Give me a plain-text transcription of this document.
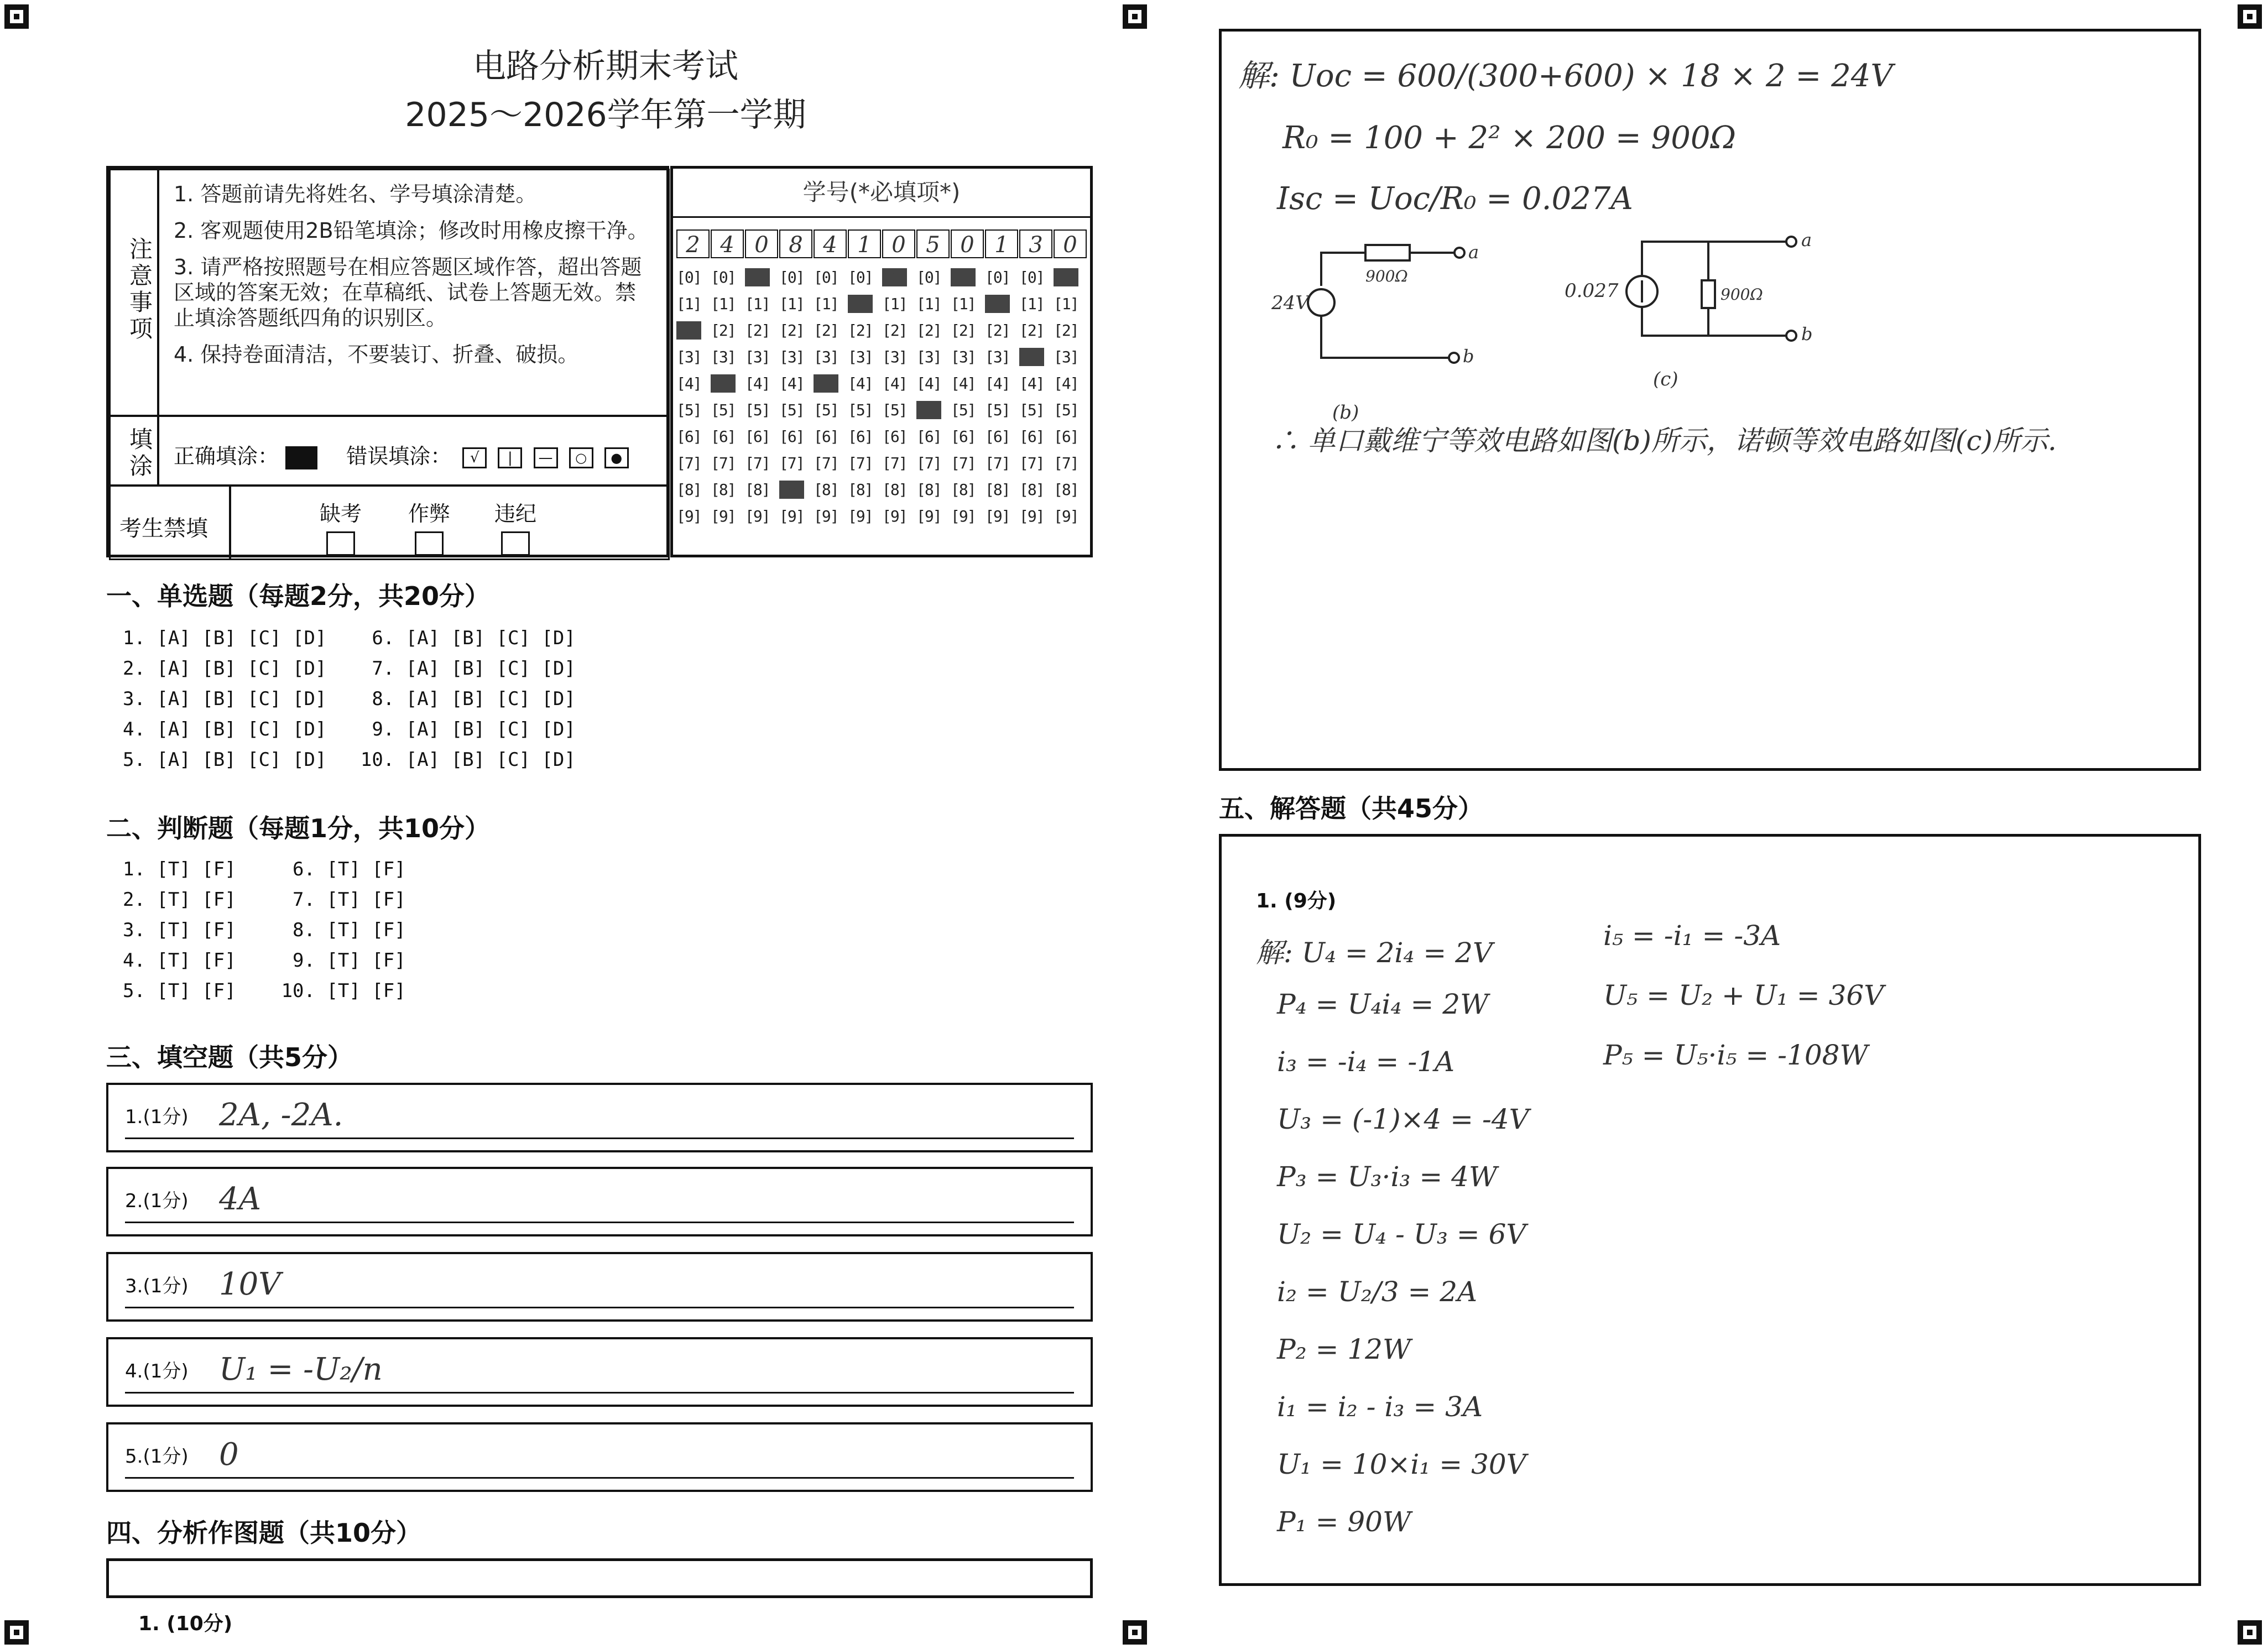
电路分析期末考试
2025～2026学年第一学期
注意事项
1. 答题前请先将姓名、学号填涂清楚。
2. 客观题使用2B铅笔填涂；修改时用橡皮擦干净。
3. 请严格按照题号在相应答题区域作答，超出答题区域的答案无效；在草稿纸、试卷上答题无效。禁止填涂答题纸四角的识别区。
4. 保持卷面清洁，不要装订、折叠、破损。
填涂 正确填涂：	错误填涂： √ | — ○ ●
考生禁填
缺考 作弊 违纪
学号(*必填项*)
2 4 0 8 4 1 0 5 0 1 3 0
[0]
[1]
[2]
[3]
[4]
[5]
[6]
[7]
[8]
[9]
[0]
[1]
[2]
[3]
[4]
[5]
[6]
[7]
[8]
[9]
[0]
[1]
[2]
[3]
[4]
[5]
[6]
[7]
[8]
[9]
[0]
[1]
[2]
[3]
[4]
[5]
[6]
[7]
[8]
[9]
[0]
[1]
[2]
[3]
[4]
[5]
[6]
[7]
[8]
[9]
[0]
[1]
[2]
[3]
[4]
[5]
[6]
[7]
[8]
[9]
[0]
[1]
[2]
[3]
[4]
[5]
[6]
[7]
[8]
[9]
[0]
[1]
[2]
[3]
[4]
[5]
[6]
[7]
[8]
[9]
[0]
[1]
[2]
[3]
[4]
[5]
[6]
[7]
[8]
[9]
[0]
[1]
[2]
[3]
[4]
[5]
[6]
[7]
[8]
[9]
[0]
[1]
[2]
[3]
[4]
[5]
[6]
[7]
[8]
[9]
[0]
[1]
[2]
[3]
[4]
[5]
[6]
[7]
[8]
[9]
一、单选题（每题2分，共20分）
1. [A] [B] [C] [D]    6. [A] [B] [C] [D]
2. [A] [B] [C] [D]    7. [A] [B] [C] [D]
3. [A] [B] [C] [D]    8. [A] [B] [C] [D]
4. [A] [B] [C] [D]    9. [A] [B] [C] [D]
5. [A] [B] [C] [D]   10. [A] [B] [C] [D]
二、判断题（每题1分，共10分）
1. [T] [F]     6. [T] [F]
2. [T] [F]     7. [T] [F]
3. [T] [F]     8. [T] [F]
4. [T] [F]     9. [T] [F]
5. [T] [F]    10. [T] [F]
三、填空题（共5分）
1.(1分) 2A, -2A.
2.(1分) 4A
3.(1分) 10V
4.(1分) U₁ = -U₂/n
5.(1分) 0
四、分析作图题（共10分）
1. (10分)
解: Uoc = 600/(300+600) × 18 × 2 = 24V
R₀ = 100 + 2² × 200 = 900Ω
Isc = Uoc/R₀ = 0.027A
24V
900Ω
a
b
(b)
0.027	900Ω
a
b
(c)
∴ 单口戴维宁等效电路如图(b)所示，诺顿等效电路如图(c)所示.
五、解答题（共45分）
1. (9分)
解: U₄ = 2i₄ = 2V
P₄ = U₄i₄ = 2W
i₃ = -i₄ = -1A
U₃ = (-1)×4 = -4V
P₃ = U₃·i₃ = 4W
U₂ = U₄ - U₃ = 6V
i₂ = U₂/3 = 2A
P₂ = 12W
i₁ = i₂ - i₃ = 3A
U₁ = 10×i₁ = 30V
P₁ = 90W
i₅ = -i₁ = -3A
U₅ = U₂ + U₁ = 36V
P₅ = U₅·i₅ = -108W
